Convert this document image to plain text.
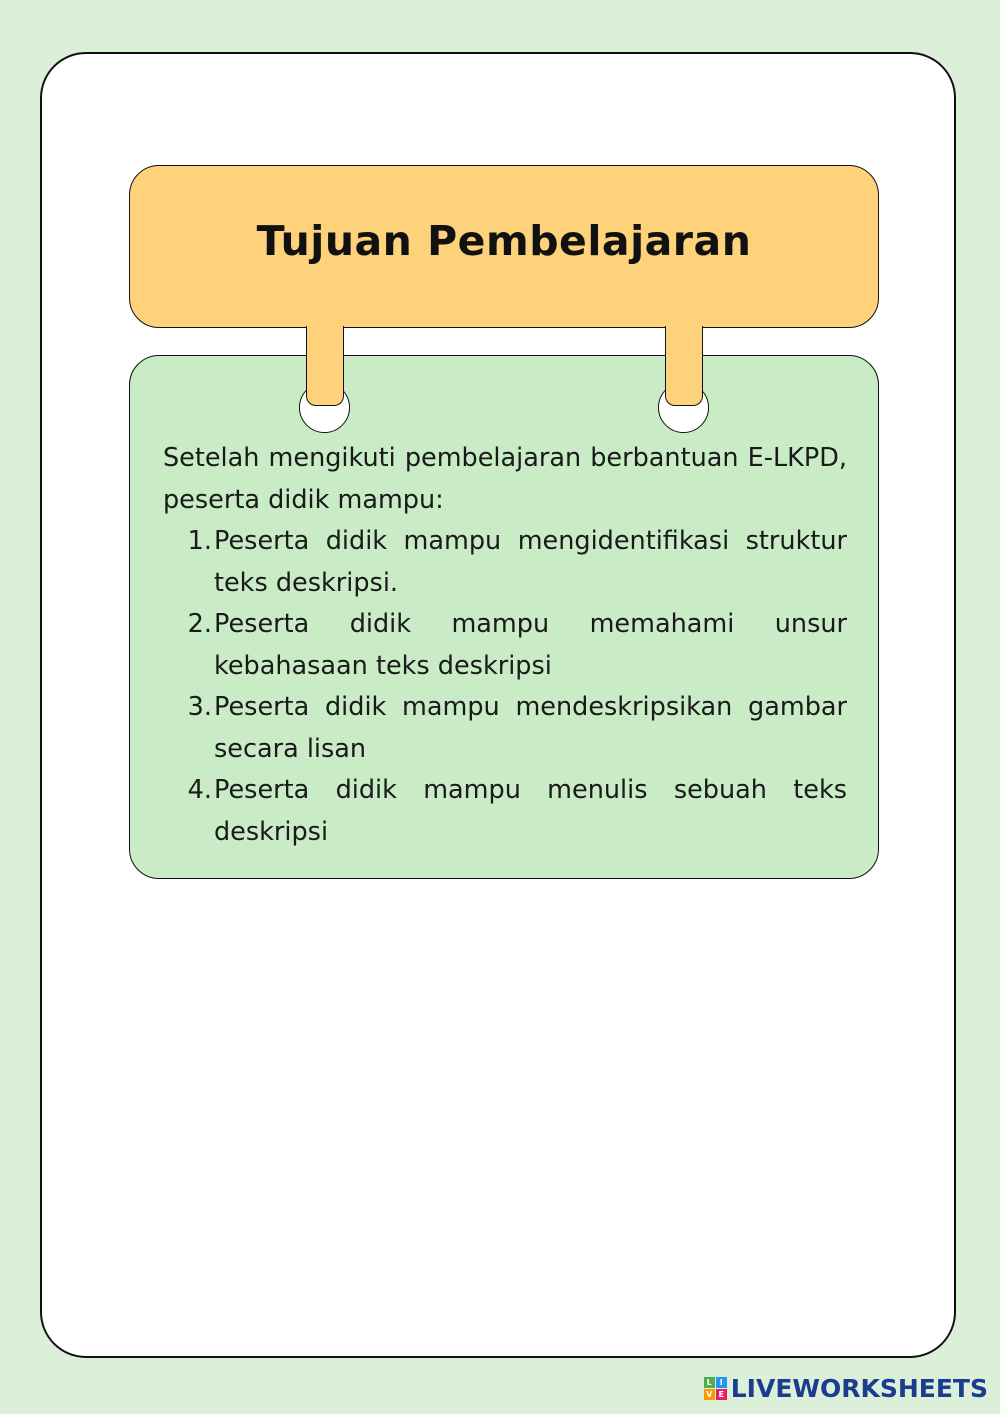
Tujuan Pembelajaran

Setelah mengikuti pembelajaran berbantuan E-LKPD, peserta didik mampu:

1. Peserta didik mampu mengidentifikasi struktur teks deskripsi.
2. Peserta didik mampu memahami unsur kebahasaan teks deskripsi
3. Peserta didik mampu mendeskripsikan gambar secara lisan
4. Peserta didik mampu menulis sebuah teks deskripsi
L I
V E LIVEWORKSHEETS
